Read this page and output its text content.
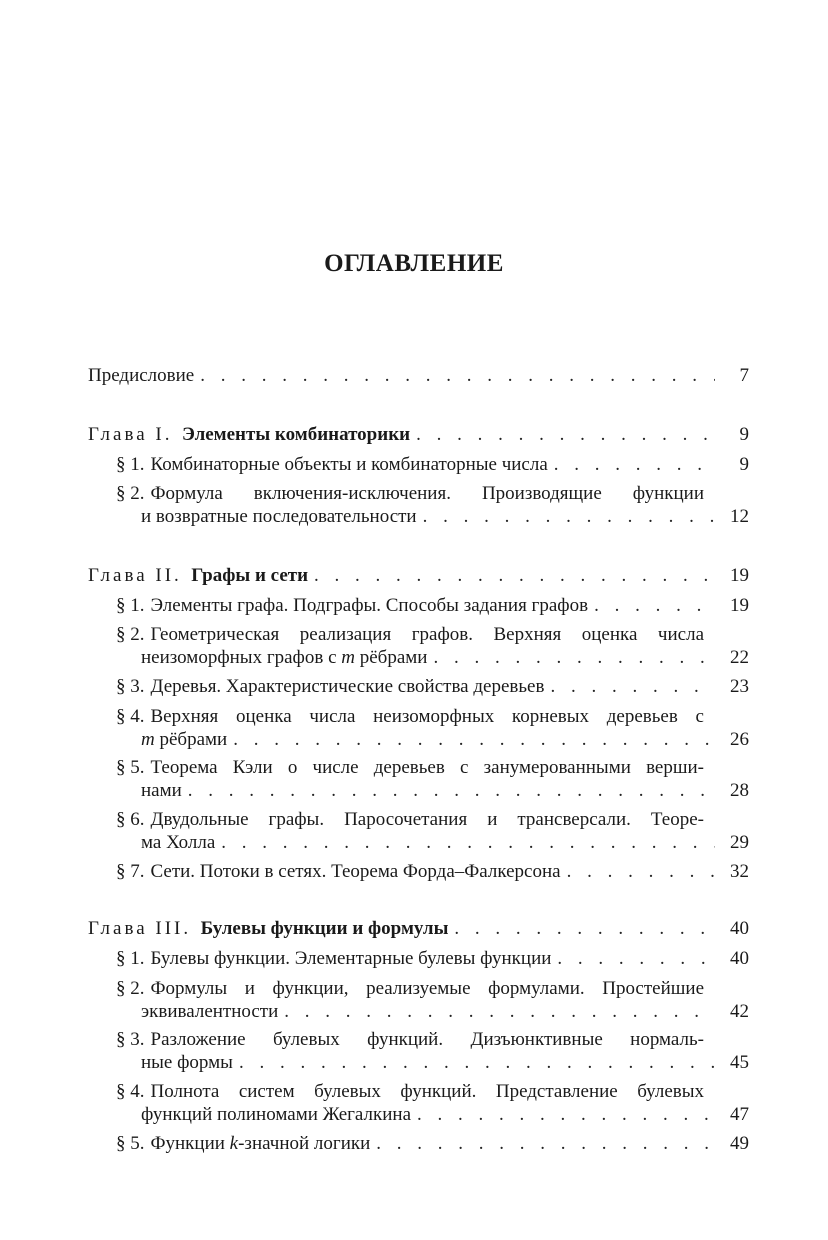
ОГЛАВЛЕНИЕ
Предисловие . . .	7
Глава I. Элементы комбинаторики . . .	9
§ 1. Комбинаторные объекты и комбинаторные числа . . .	9
§ 2. Формула включения-исключения. Производящие функции
и возвратные последовательности . . .	12
Глава II. Графы и сети . . .	19
§ 1. Элементы графа. Подграфы. Способы задания графов . . .	19
§ 2. Геометрическая реализация графов. Верхняя оценка числа
неизоморфных графов с m рёбрами . . .	22
§ 3. Деревья. Характеристические свойства деревьев . . .	23
§ 4. Верхняя оценка числа неизоморфных корневых деревьев с
m рёбрами . . .	26
§ 5. Теорема Кэли о числе деревьев с занумерованными верши-
нами . . .	28
§ 6. Двудольные графы. Паросочетания и трансверсали. Теоре-
ма Холла . . .	29
§ 7. Сети. Потоки в сетях. Теорема Форда–Фалкерсона . . .	32
Глава III. Булевы функции и формулы . . .	40
§ 1. Булевы функции. Элементарные булевы функции . . .	40
§ 2. Формулы и функции, реализуемые формулами. Простейшие
эквивалентности . . .	42
§ 3. Разложение булевых функций. Дизъюнктивные нормаль-
ные формы . . .	45
§ 4. Полнота систем булевых функций. Представление булевых
функций полиномами Жегалкина . . .	47
§ 5. Функции k-значной логики . . .	49
